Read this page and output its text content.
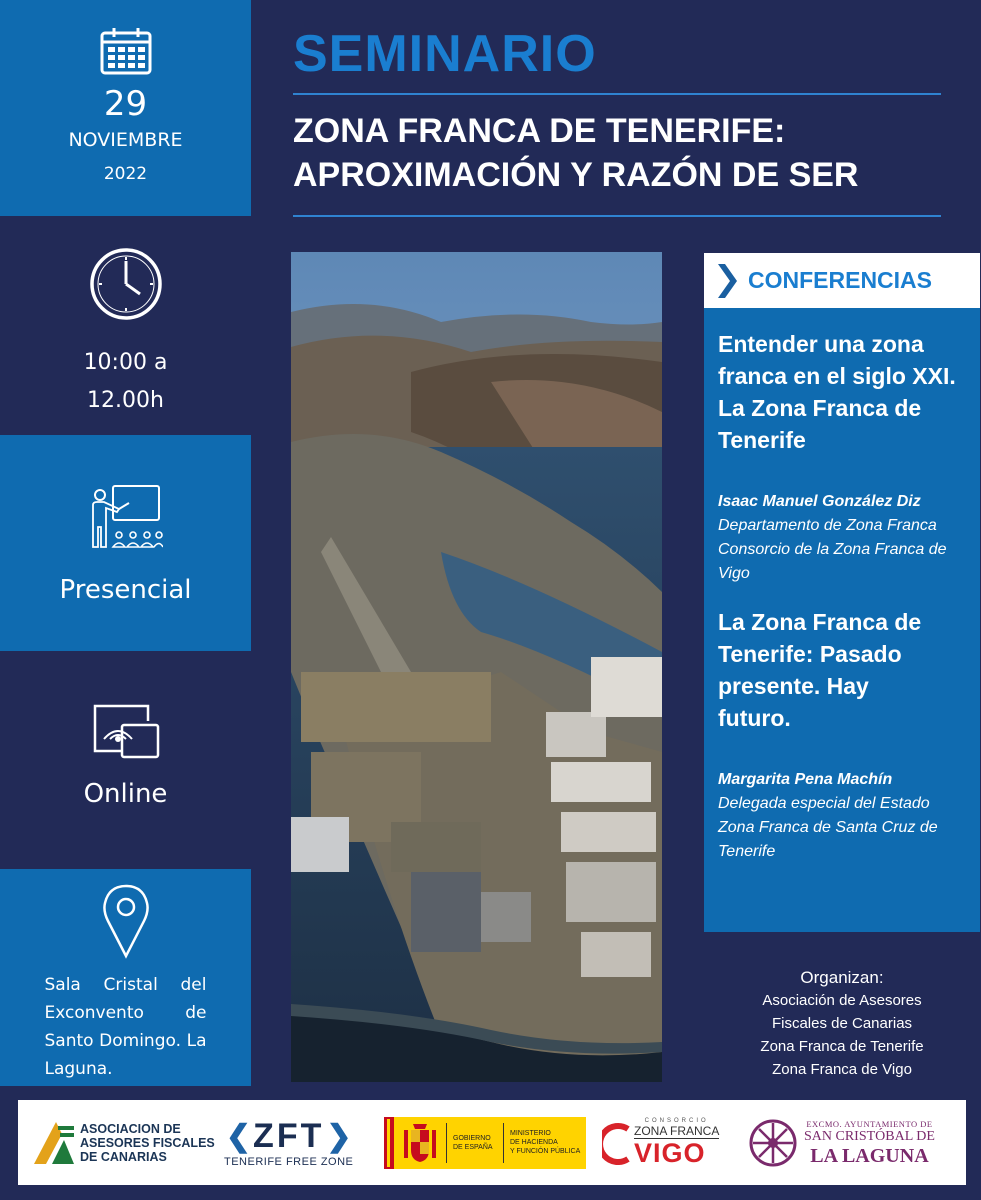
29
NOVIEMBRE
2022
10:00 a 12.00h
Presencial
Online
Sala Cristal del Exconvento de Santo Domingo. La Laguna.
SEMINARIO
ZONA FRANCA DE TENERIFE:
APROXIMACIÓN Y RAZÓN DE SER
CONFERENCIAS
Entender una zona franca en el siglo XXI. La Zona Franca de Tenerife
Isaac Manuel González Diz
Departamento de Zona Franca Consorcio de la Zona Franca de Vigo
La Zona Franca de Tenerife: Pasado presente. Hay futuro.
Margarita Pena Machín
Delegada especial del Estado Zona Franca de Santa Cruz de Tenerife
Organizan:
Asociación de Asesores Fiscales de Canarias
Zona Franca de Tenerife
Zona Franca de Vigo
ASOCIACION DE
ASESORES FISCALES
DE CANARIAS
❮ ZFT ❯
TENERIFE FREE ZONE
GOBIERNO
DE ESPAÑA
MINISTERIO
DE HACIENDA
Y FUNCIÓN PÚBLICA
CONSORCIO
ZONA FRANCA
VIGO
EXCMO. AYUNTAMIENTO DE
SAN CRISTÓBAL DE
LA LAGUNA
